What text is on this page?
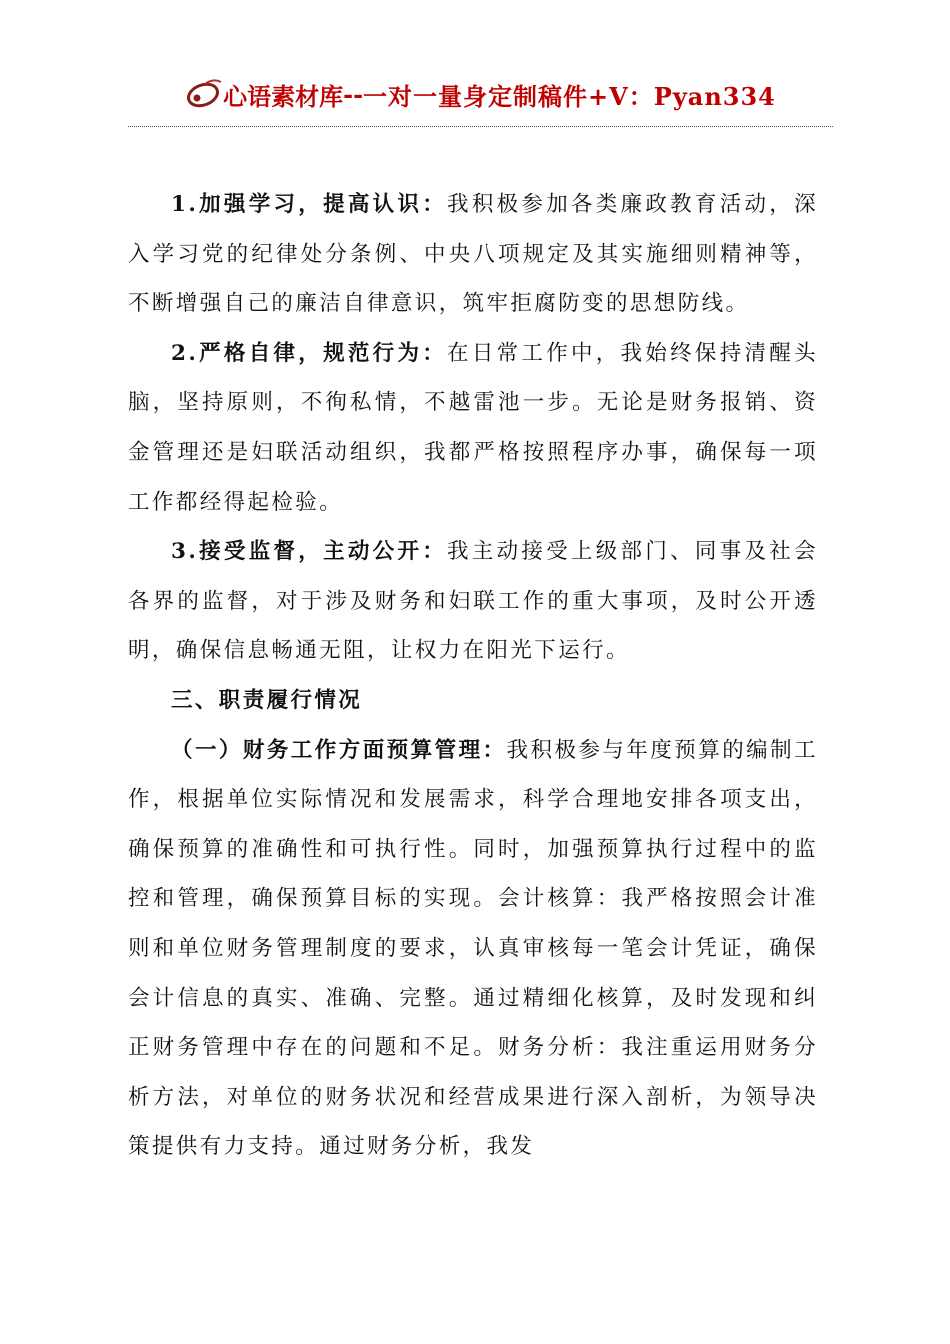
心语素材库 -- 一对一量身定制稿件+V：Pyan334

1.加强学习，提高认识：我积极参加各类廉政教育活动，深入学习党的纪律处分条例、中央八项规定及其实施细则精神等，不断增强自己的廉洁自律意识，筑牢拒腐防变的思想防线。

2.严格自律，规范行为：在日常工作中，我始终保持清醒头脑，坚持原则，不徇私情，不越雷池一步。无论是财务报销、资金管理还是妇联活动组织，我都严格按照程序办事，确保每一项工作都经得起检验。

3.接受监督，主动公开：我主动接受上级部门、同事及社会各界的监督，对于涉及财务和妇联工作的重大事项，及时公开透明，确保信息畅通无阻，让权力在阳光下运行。

三、职责履行情况

（一）财务工作方面预算管理：我积极参与年度预算的编制工作，根据单位实际情况和发展需求，科学合理地安排各项支出，确保预算的准确性和可执行性。同时，加强预算执行过程中的监控和管理，确保预算目标的实现。会计核算：我严格按照会计准则和单位财务管理制度的要求，认真审核每一笔会计凭证，确保会计信息的真实、准确、完整。通过精细化核算，及时发现和纠正财务管理中存在的问题和不足。财务分析：我注重运用财务分析方法，对单位的财务状况和经营成果进行深入剖析，为领导决策提供有力支持。通过财务分析，我发
